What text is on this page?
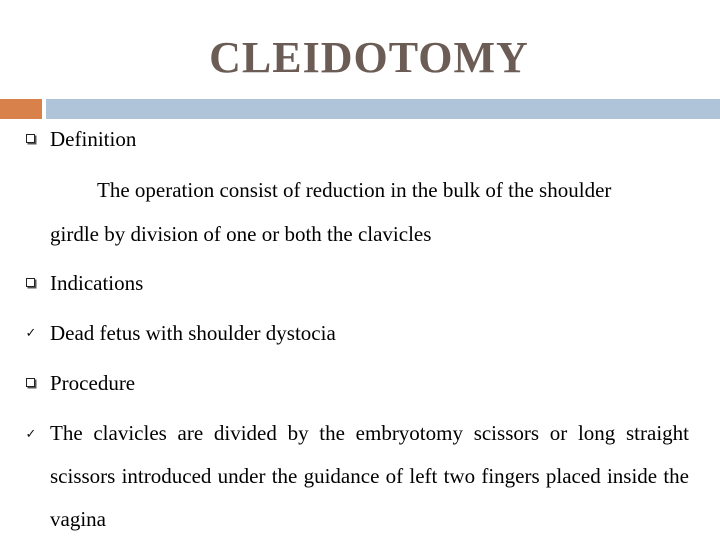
CLEIDOTOMY
Definition
The operation consist of reduction in the bulk of the shoulder
girdle by division of one or both the clavicles
Indications
✓ Dead fetus with shoulder dystocia
Procedure
✓ The clavicles are divided by the embryotomy scissors or long straight scissors introduced under the guidance of left two fingers placed inside the vagina
